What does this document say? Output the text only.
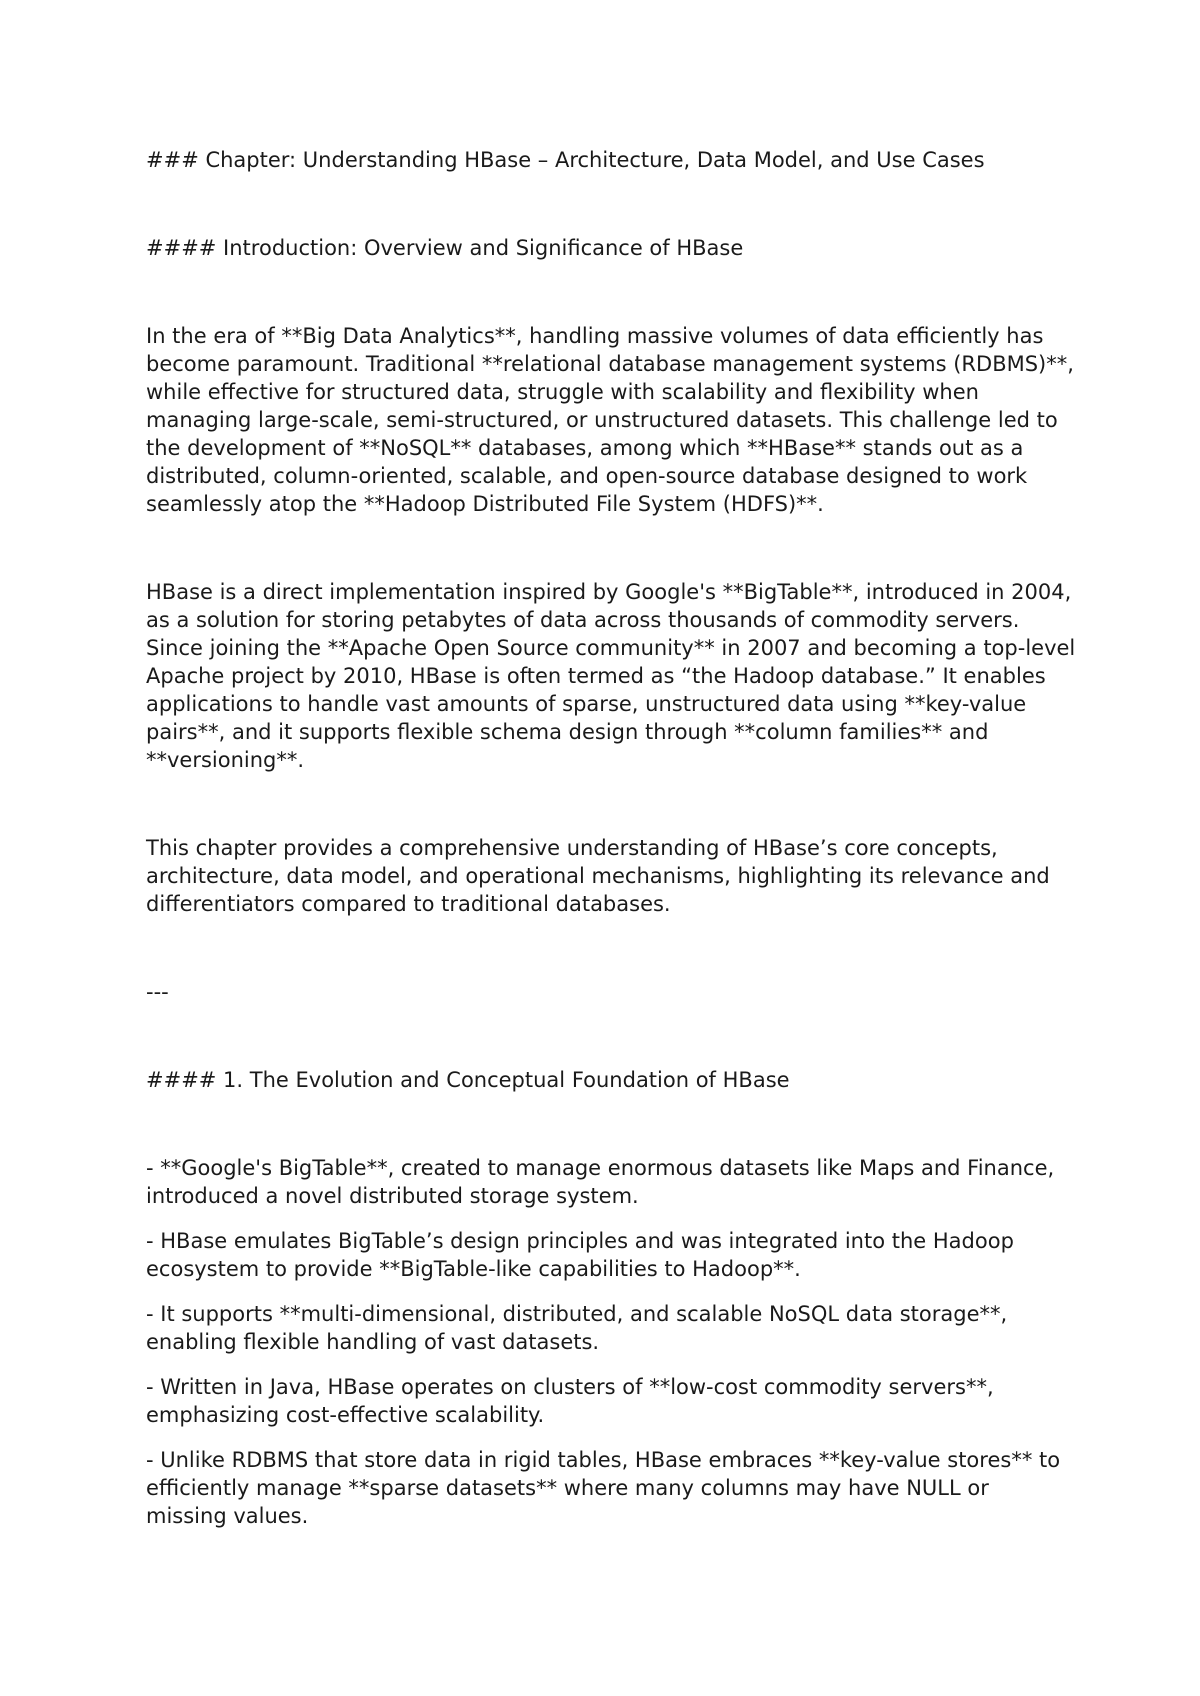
### Chapter: Understanding HBase – Architecture, Data Model, and Use Cases

#### Introduction: Overview and Significance of HBase

In the era of **Big Data Analytics**, handling massive volumes of data efficiently has become paramount. Traditional **relational database management systems (RDBMS)**, while effective for structured data, struggle with scalability and flexibility when managing large-scale, semi-structured, or unstructured datasets. This challenge led to the development of **NoSQL** databases, among which **HBase** stands out as a distributed, column-oriented, scalable, and open-source database designed to work seamlessly atop the **Hadoop Distributed File System (HDFS)**.

HBase is a direct implementation inspired by Google's **BigTable**, introduced in 2004, as a solution for storing petabytes of data across thousands of commodity servers. Since joining the **Apache Open Source community** in 2007 and becoming a top-level Apache project by 2010, HBase is often termed as “the Hadoop database.” It enables applications to handle vast amounts of sparse, unstructured data using **key-value pairs**, and it supports flexible schema design through **column families** and **versioning**.

This chapter provides a comprehensive understanding of HBase’s core concepts, architecture, data model, and operational mechanisms, highlighting its relevance and differentiators compared to traditional databases.

---

#### 1. The Evolution and Conceptual Foundation of HBase

- **Google's BigTable**, created to manage enormous datasets like Maps and Finance, introduced a novel distributed storage system.

- HBase emulates BigTable’s design principles and was integrated into the Hadoop ecosystem to provide **BigTable-like capabilities to Hadoop**.

- It supports **multi-dimensional, distributed, and scalable NoSQL data storage**, enabling flexible handling of vast datasets.

- Written in Java, HBase operates on clusters of **low-cost commodity servers**, emphasizing cost-effective scalability.

- Unlike RDBMS that store data in rigid tables, HBase embraces **key-value stores** to efficiently manage **sparse datasets** where many columns may have NULL or missing values.
